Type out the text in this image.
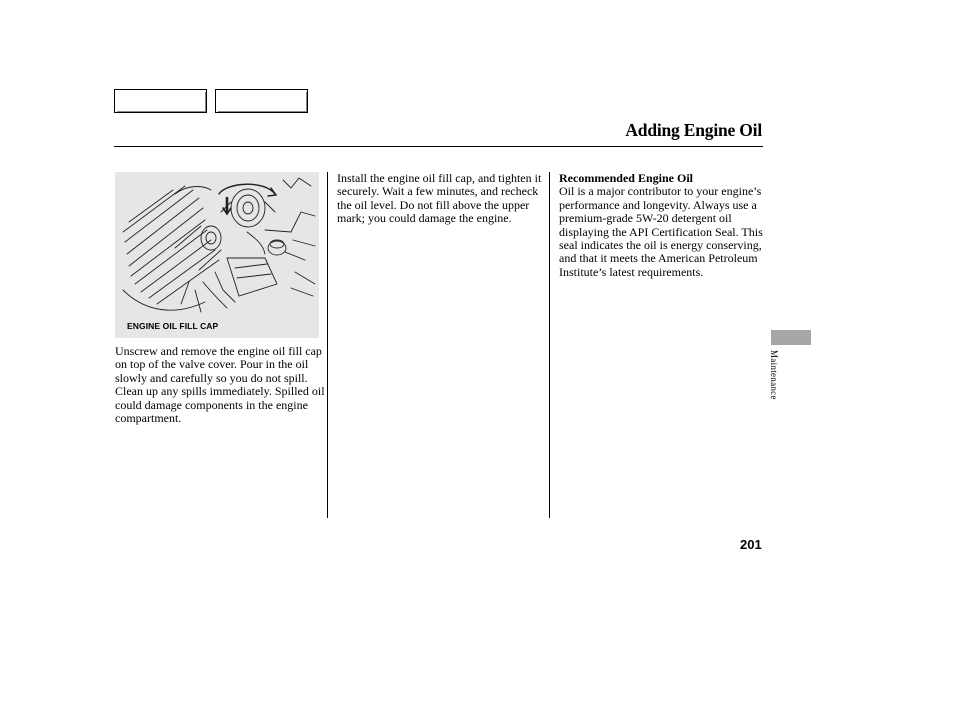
Adding Engine Oil
ENGINE OIL FILL CAP
Unscrew and remove the engine oil fill cap on top of the valve cover. Pour in the oil slowly and carefully so you do not spill. Clean up any spills immediately. Spilled oil could damage components in the engine compartment.
Install the engine oil fill cap, and tighten it securely. Wait a few minutes, and recheck the oil level. Do not fill above the upper mark; you could damage the engine.
Recommended Engine Oil
Oil is a major contributor to your engine’s performance and longevity. Always use a premium-grade 5W-20 detergent oil displaying the API Certification Seal. This seal indicates the oil is energy conserving, and that it meets the American Petroleum Institute’s latest requirements.
Maintenance
201
